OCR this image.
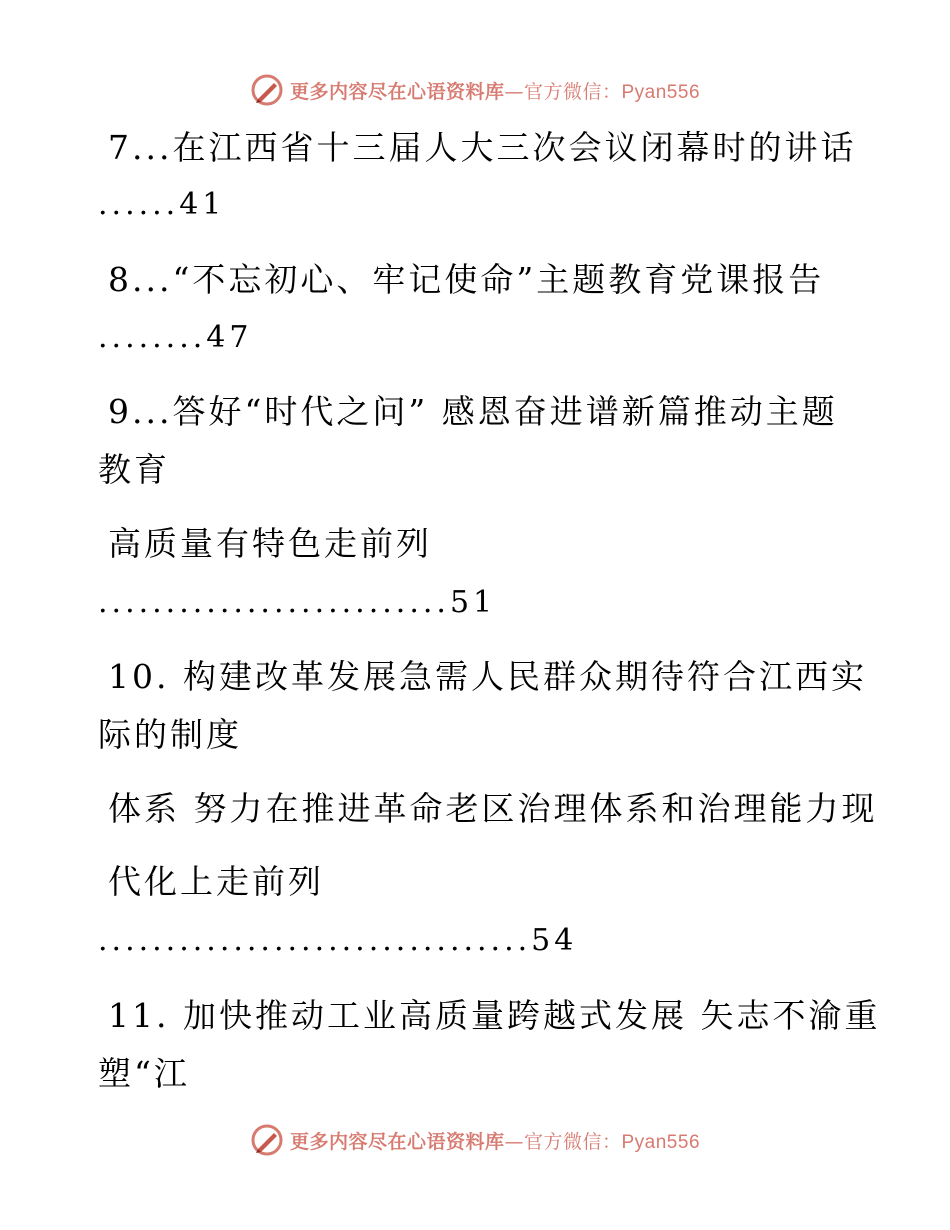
更多内容尽在心语资料库—官方微信：Pyan556
7...在江西省十三届人大三次会议闭幕时的讲话
......41
8...“不忘初心、牢记使命”主题教育党课报告
........47
9...答好“时代之问” 感恩奋进谱新篇推动主题
教育
高质量有特色走前列
..........................51
10. 构建改革发展急需人民群众期待符合江西实
际的制度
体系 努力在推进革命老区治理体系和治理能力现
代化上走前列
................................54
11. 加快推动工业高质量跨越式发展 矢志不渝重
塑“江
更多内容尽在心语资料库—官方微信：Pyan556
